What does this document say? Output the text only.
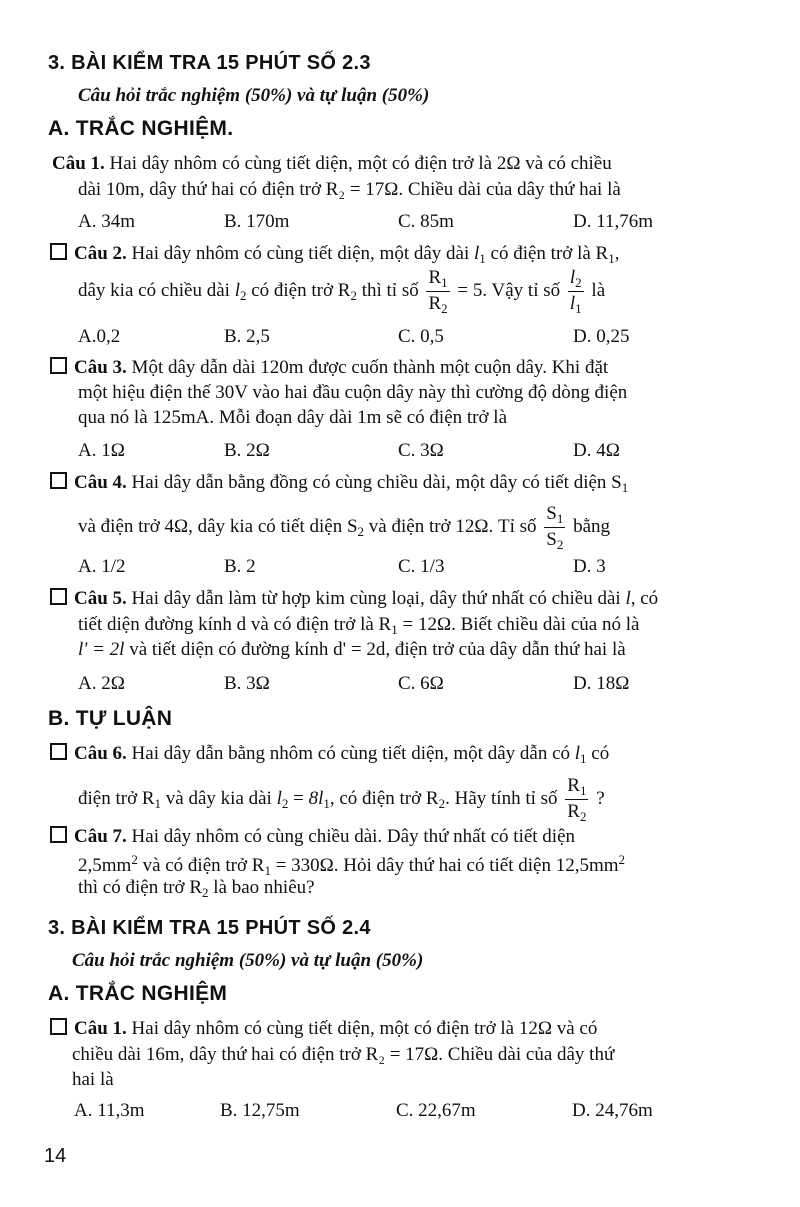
3. BÀI KIỂM TRA 15 PHÚT SỐ 2.3
Câu hỏi trắc nghiệm (50%) và tự luận (50%)
A. TRẮC NGHIỆM.
Câu 1. Hai dây nhôm có cùng tiết diện, một có điện trở là 2Ω và có chiều
dài 10m, dây thứ hai có điện trở R₂ = 17Ω. Chiều dài của dây thứ hai là
A. 34m	B. 170m	C. 85m	D. 11,76m
Câu 2. Hai dây nhôm có cùng tiết diện, một dây dài $l_1$ có điện trở là $R_1$,
dây kia có chiều dài $l_2$ có điện trở $R_2$ thì tỉ số $\frac{R_1}{R_2} = 5$. Vậy tỉ số $\frac{l_2}{l_1}$ là
A.0,2	B. 2,5	C. 0,5	D. 0,25
Câu 3. Một dây dẫn dài 120m được cuốn thành một cuộn dây. Khi đặt
một hiệu điện thế 30V vào hai đầu cuộn dây này thì cường độ dòng điện
qua nó là 125mA. Mỗi đoạn dây dài 1m sẽ có điện trở là
A. 1Ω	B. 2Ω	C. 3Ω	D. 4Ω
Câu 4. Hai dây dẫn bằng đồng có cùng chiều dài, một dây có tiết diện $S_1$
và điện trở 4Ω, dây kia có tiết diện $S_2$ và điện trở 12Ω. Tỉ số $\frac{S_1}{S_2}$ bằng
A. 1/2	B. 2	C. 1/3	D. 3
Câu 5. Hai dây dẫn làm từ hợp kim cùng loại, dây thứ nhất có chiều dài l, có
tiết diện đường kính d và có điện trở là $R_1 = 12\Omega$. Biết chiều dài của nó là
l' = 2l và tiết diện có đường kính d' = 2d, điện trở của dây dẫn thứ hai là
A. 2Ω	B. 3Ω	C. 6Ω	D. 18Ω
B. TỰ LUẬN
Câu 6. Hai dây dẫn bằng nhôm có cùng tiết diện, một dây dẫn có $l_1$ có
điện trở $R_1$ và dây kia dài $l_2 = 8l_1$, có điện trở $R_2$. Hãy tính tỉ số $\frac{R_1}{R_2}$ ?
Câu 7. Hai dây nhôm có cùng chiều dài. Dây thứ nhất có tiết diện
$2,5mm^2$ và có điện trở $R_1 = 330\Omega$. Hỏi dây thứ hai có tiết diện $12,5mm^2$
thì có điện trở $R_2$ là bao nhiêu?
3. BÀI KIỂM TRA 15 PHÚT SỐ 2.4
Câu hỏi trắc nghiệm (50%) và tự luận (50%)
A. TRẮC NGHIỆM
Câu 1. Hai dây nhôm có cùng tiết diện, một có điện trở là 12Ω và có
chiều dài 16m, dây thứ hai có điện trở R₂ = 17Ω. Chiều dài của dây thứ
hai là
A. 11,3m	B. 12,75m	C. 22,67m	D. 24,76m
14
